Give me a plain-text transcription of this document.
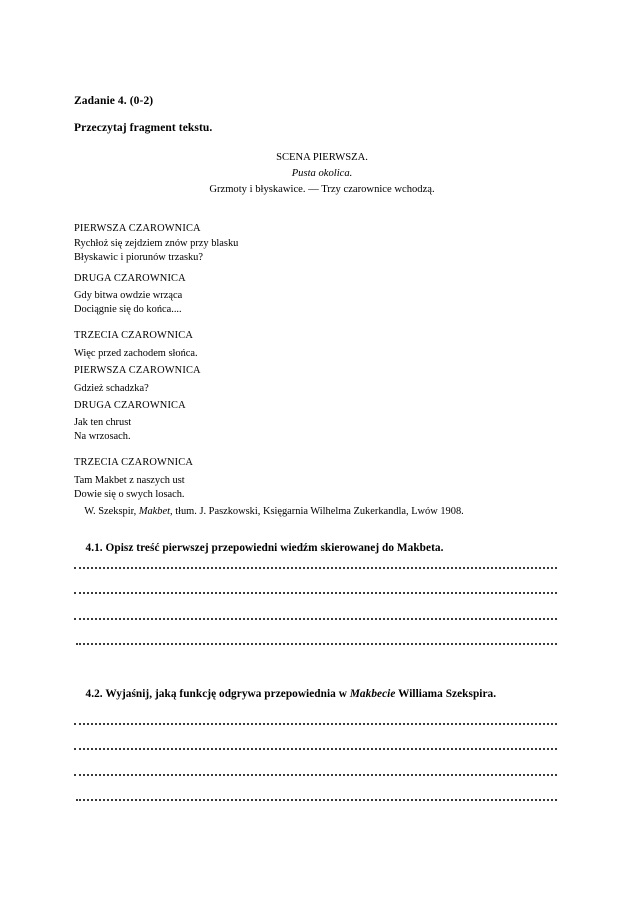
Zadanie 4. (0-2)
Przeczytaj fragment tekstu.
SCENA PIERWSZA.
Pusta okolica.
Grzmoty i błyskawice. — Trzy czarownice wchodzą.
PIERWSZA CZAROWNICA
Rychłoż się zejdziem znów przy blasku
Błyskawic i piorunów trzasku?
DRUGA CZAROWNICA
Gdy bitwa owdzie wrząca
Dociągnie się do końca....
TRZECIA CZAROWNICA
Więc przed zachodem słońca.
PIERWSZA CZAROWNICA
Gdzież schadzka?
DRUGA CZAROWNICA
Jak ten chrust
Na wrzosach.
TRZECIA CZAROWNICA
Tam Makbet z naszych ust
Dowie się o swych losach.

W. Szekspir, Makbet, tłum. J. Paszkowski, Księgarnia Wilhelma Zukerkandla, Lwów 1908.

4.1. Opisz treść pierwszej przepowiedni wiedźm skierowanej do Makbeta.

4.2. Wyjaśnij, jaką funkcję odgrywa przepowiednia w Makbecie Williama Szekspira.
